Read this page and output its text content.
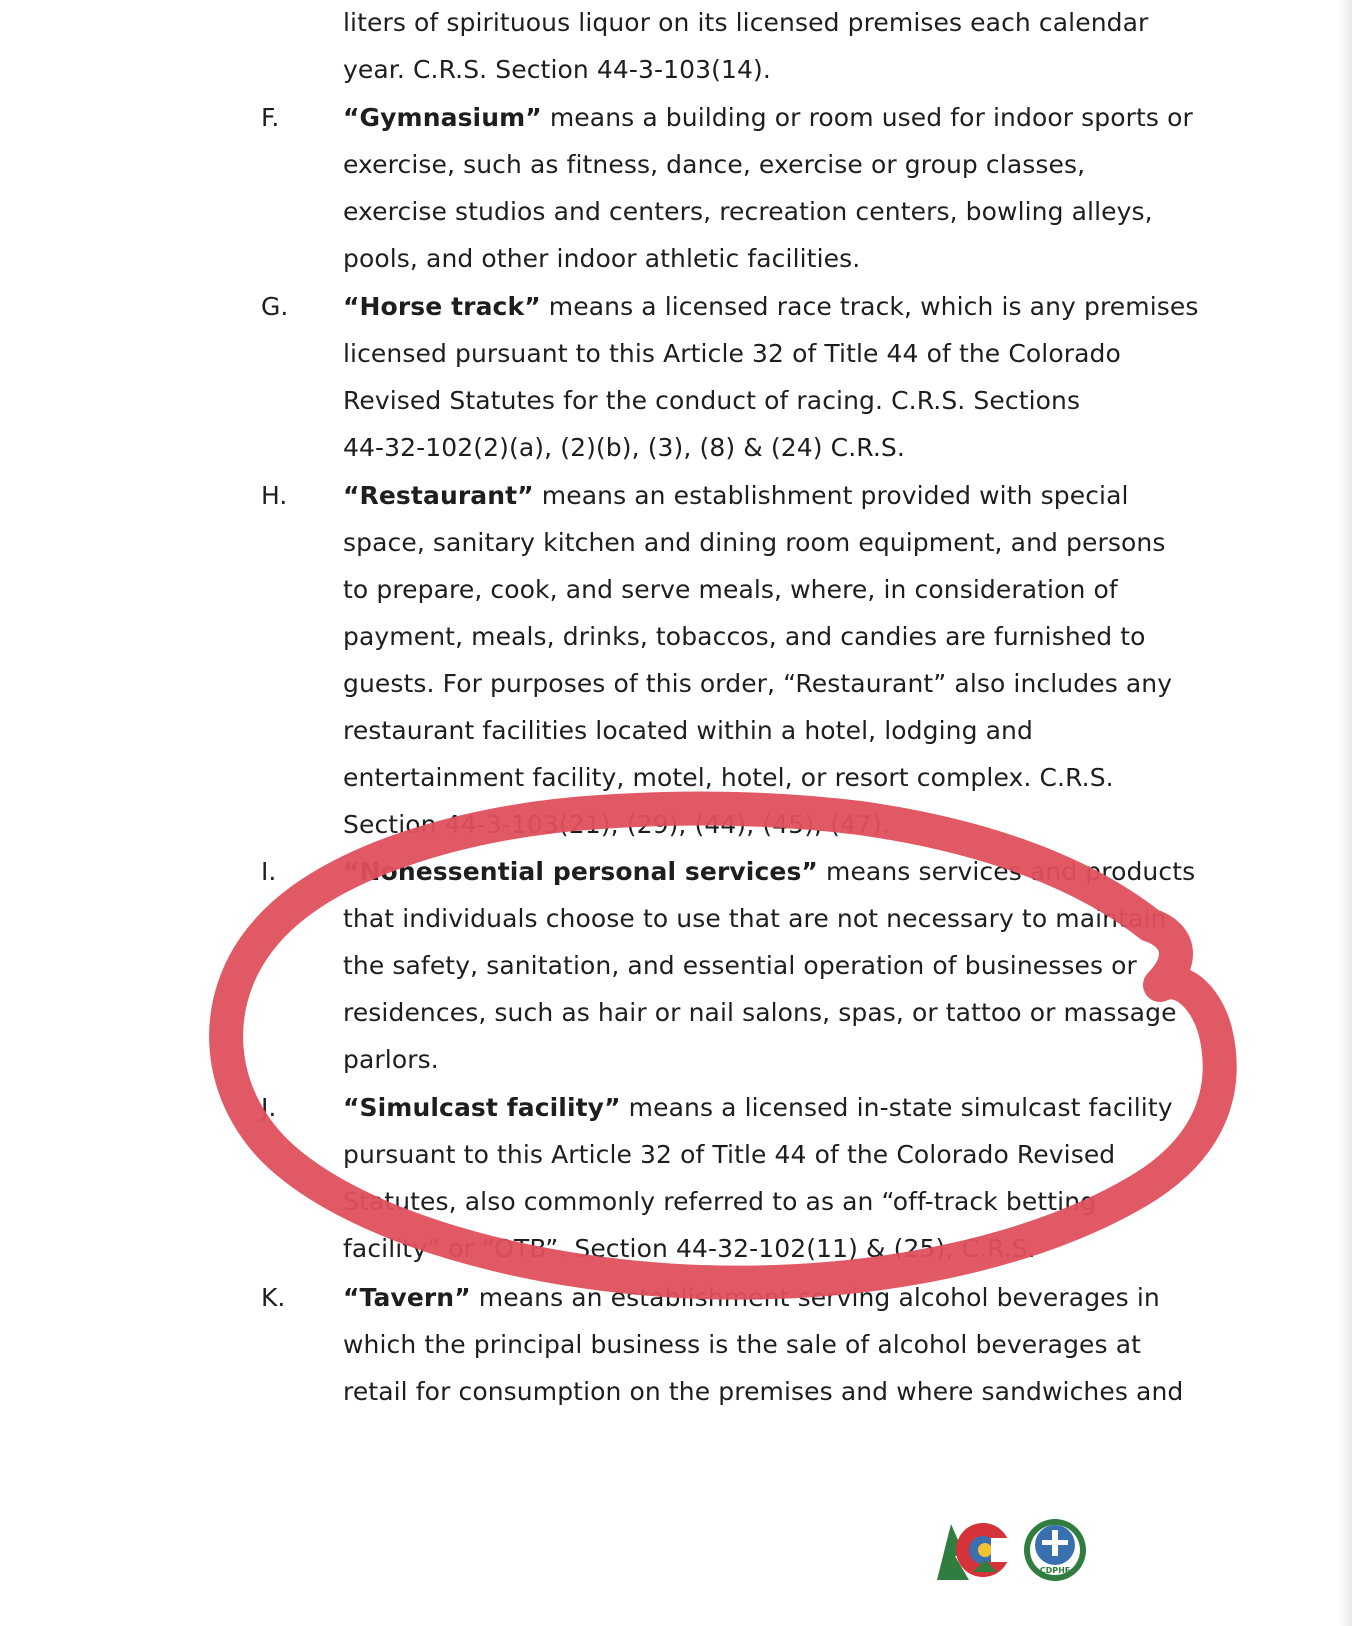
liters of spirituous liquor on its licensed premises each calendar
year. C.R.S. Section 44-3-103(14).
F.	“Gymnasium” means a building or room used for indoor sports or
exercise, such as fitness, dance, exercise or group classes,
exercise studios and centers, recreation centers, bowling alleys,
pools, and other indoor athletic facilities.
G. “Horse track” means a licensed race track, which is any premises
licensed pursuant to this Article 32 of Title 44 of the Colorado
Revised Statutes for the conduct of racing. C.R.S. Sections
44-32-102(2)(a), (2)(b), (3), (8) & (24) C.R.S.
H. “Restaurant” means an establishment provided with special
space, sanitary kitchen and dining room equipment, and persons
to prepare, cook, and serve meals, where, in consideration of
payment, meals, drinks, tobaccos, and candies are furnished to
guests. For purposes of this order, “Restaurant” also includes any
restaurant facilities located within a hotel, lodging and
entertainment facility, motel, hotel, or resort complex. C.R.S.
Section 44-3-103(21), (29), (44), (45), (47).
I.	“Nonessential personal services” means services and products
that individuals choose to use that are not necessary to maintain
the safety, sanitation, and essential operation of businesses or
residences, such as hair or nail salons, spas, or tattoo or massage
parlors.
J.	“Simulcast facility” means a licensed in-state simulcast facility
pursuant to this Article 32 of Title 44 of the Colorado Revised
Statutes, also commonly referred to as an “off-track betting
facility” or “OTB”. Section 44-32-102(11) & (25), C.R.S.
K. “Tavern” means an establishment serving alcohol beverages in
which the principal business is the sale of alcohol beverages at
retail for consumption on the premises and where sandwiches and
CDPHE
